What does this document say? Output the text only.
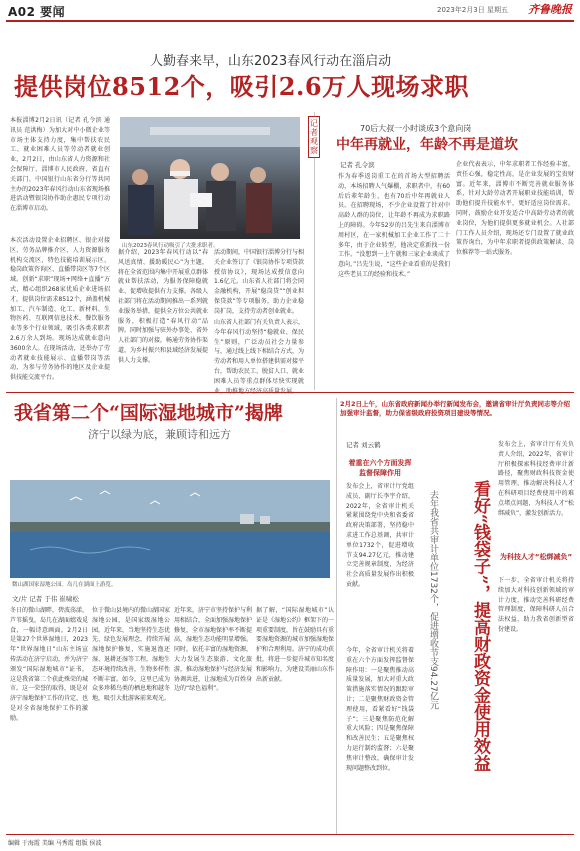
A02 要闻	2023年2月3日 星期五 齐鲁晚报
人勤春来早，山东2023春风行动在淄启动
提供岗位8512个，吸引2.6万人现场求职
本报淄博2月2日讯（记者 孔令滨 通讯员 范洪梅）为加大对中小微企业等市场主体支持力度，集中帮扶农民工、就业困难人员等劳动者就业创业，2月2日，由山东省人力资源和社会保障厅、淄博市人民政府、省直有关部门、中国银行山东省分行等共同主办的2023年春风行动山东省现场推进活动暨银岗协作助企惠民专项行动在淄博市启动。
本次活动设置企业招聘区、银企对接区、劳务品牌推介区、人力资源服务机构交流区、特色技能培训展示区、稳岗政策咨询区、直播带岗区等7个区域。创新“求职”现场+网络+直播”方式，精心组织268家优质企业进场招才，提供岗位需求8512个，涵盖机械加工、汽车制造、化工、新材料、生物医药、互联网信息技术、餐饮服务业等多个行业领域，吸引各类求职者2.6万余人到场。现场达成就业意向3600余人。在现场活动，还举办了劳动者就业技能展示、直播带岗等活动，为参与劳务协作的地区及企业提供技能交流平台。
山东2023春风行动吸引了大批求职者。
据介绍，2023年春风行动以“春风送真情、援助暖民心”为主题，将在全省范围内集中开展重点群体就业帮扶活动，为服务保障稳就业、促增收提供有力支撑。各级人社部门将在活动期间推出一系列就业服务举措，提供全方位公共就业服务，积极打造“春风行动”品牌。同时加强与驻外办事处、省外人社部门的对接，畅通劳务协作渠道，为乡村振兴和县域经济发展提供人力支撑。
活动期间，中国银行淄博分行与相关企业签订了《银岗协作专项贷款授信协议》，现场达成授信意向1.6亿元。山东省人社部门将会同金融机构，开展“稳岗贷”“创业担保贷款”等专项服务，助力企业稳岗扩岗，支持劳动者创业就业。
山东省人社部门有关负责人表示，今年春风行动坚持“稳就业、保民生”原则，广泛动员社会力量参与，通过线上线下相结合方式，为劳动者和用人单位搭建供需对接平台，帮助农民工、脱贫人口、就业困难人员等重点群体尽快实现就
记者观察
70后大叔一小时谈成3个意向岗
中年再就业，年龄不再是道坎
记者 孔令滨
作为春季返岗重工在的首场大型招聘活动，本场招聘人气爆棚，求职者中，有60后后辈年龄生，也有70后中年再就业人员。在招聘现场，不少企业设置了针对中高龄人群的岗位，让年龄不再成为求职路上的障碍。今年52岁的吕先生来自淄博市周村区，在一家机械加工企业工作了二十多年，由于企业转型，他决定重新找一份工作。“没想到一上午就和三家企业谈成了意向，”吕先生说，“这些企业看重的是我们这些老员工的经验和技术。”
企业代表表示，中年求职者工作经验丰富，责任心强，稳定性高，是企业发展的宝贵财富。近年来，淄博市不断完善就业服务体系，针对大龄劳动者开展职业技能培训，帮助他们提升技能水平，更好适应岗位需求。同时，鼓励企业开发适合中高龄劳动者的就业岗位，为他们提供更多就业机会。人社部门工作人员介绍，现场还专门设置了就业政策咨询台，为中年求职者提供政策解读、岗位推荐等一站式服务。
我省第二个“国际湿地城市”揭牌
济宁以绿为底，兼顾诗和远方
微山湖国家湿地公园。岛几在湖面上游览。
文/片 记者 于伟 崔啸松
冬日的微山湖畔，碧波荡漾，芦苇摇曳，岛几在湖面嬉戏觅食，一幅诗意画面。2月2日是第27个世界湿地日，2023年“世界湿地日”山东主场宣传活动在济宁启动，并为济宁颁发“国际湿地城市”证书，这是我省第二个获此殊荣的城市。这一荣誉的取得，既是对济宁湿地保护工作的肯定，也是对全省湿地保护工作的激励。
位于微山县境内的微山湖国家湿地公园，是国家级湿地公园，近年来，当地坚持生态优先、绿色发展理念，持续开展湿地保护修复，实施退渔还湿、退耕还湿等工程，湿地生态环境持续改善，生物多样性不断丰富。如今，这里已成为众多珍稀鸟类的栖息地和越冬地，吸引大批游客前来观光。
近年来，济宁市坚持保护与利用相结合，全面加强湿地保护修复，全市湿地保护率不断提高，湿地生态功能明显增强。同时，依托丰富的湿地资源，大力发展生态旅游、文化旅游，推动湿地保护与经济发展协调共进，让湿地成为百姓身边的“绿色福利”。
据了解，“国际湿地城市”认证是《湿地公约》框架下的一项重要制度，旨在鼓励具有重要湿地资源的城市加强湿地保护和合理利用。济宁的成功获批，将进一步提升城市知名度和影响力，为建设美丽山东作出新贡献。
2月2日上午，山东省政府新闻办举行新闻发布会，邀请省审计厅负责同志等介绍加强审计监督，助力保省级政府投资项目建设等情况。
记者 刘云鹤
着重在六个方面发挥监督保障作用
发布会上，省审计厅党组成员、副厅长李宇介绍，2022年，全省审计机关紧紧围绕党中央和省委省政府决策部署，坚持稳中求进工作总基调，共审计单位1732个，促进增收节支94.27亿元，推动建立完善规章制度，为经济社会高质量发展作出积极贡献。
今年，全省审计机关将着重在六个方面发挥监督保障作用：一是聚焦推动高质量发展，加大对重大政策措施落实情况的跟踪审计；二是聚焦财政资金管理使用，看紧看好“钱袋子”；三是聚焦防范化解重大风险；四是聚焦保障和改善民生；五是聚焦权力运行制约监督；六是聚焦审计整改，确保审计发现问题整改到位。
去年我省共审计单位1732个，促进增收节支94.27亿元	看好“钱袋子”，提高财政资金使用效益 为科技人才“松绑减负”
发布会上，省审计厅有关负责人介绍，2022年，省审计厅积极探索科技经费审计新路径，聚焦财政科技资金使用管理，推动解决科技人才在科研项目经费使用中的难点堵点问题，为科技人才“松绑减负”，激发创新活力。
下一步，全省审计机关将持续加大对科技创新领域的审计力度，推动完善科研经费管理制度，保障科研人员合法权益，助力我省创新型省份建设。
编辑 于海霞 美编 马秀霞 组版 侯波
